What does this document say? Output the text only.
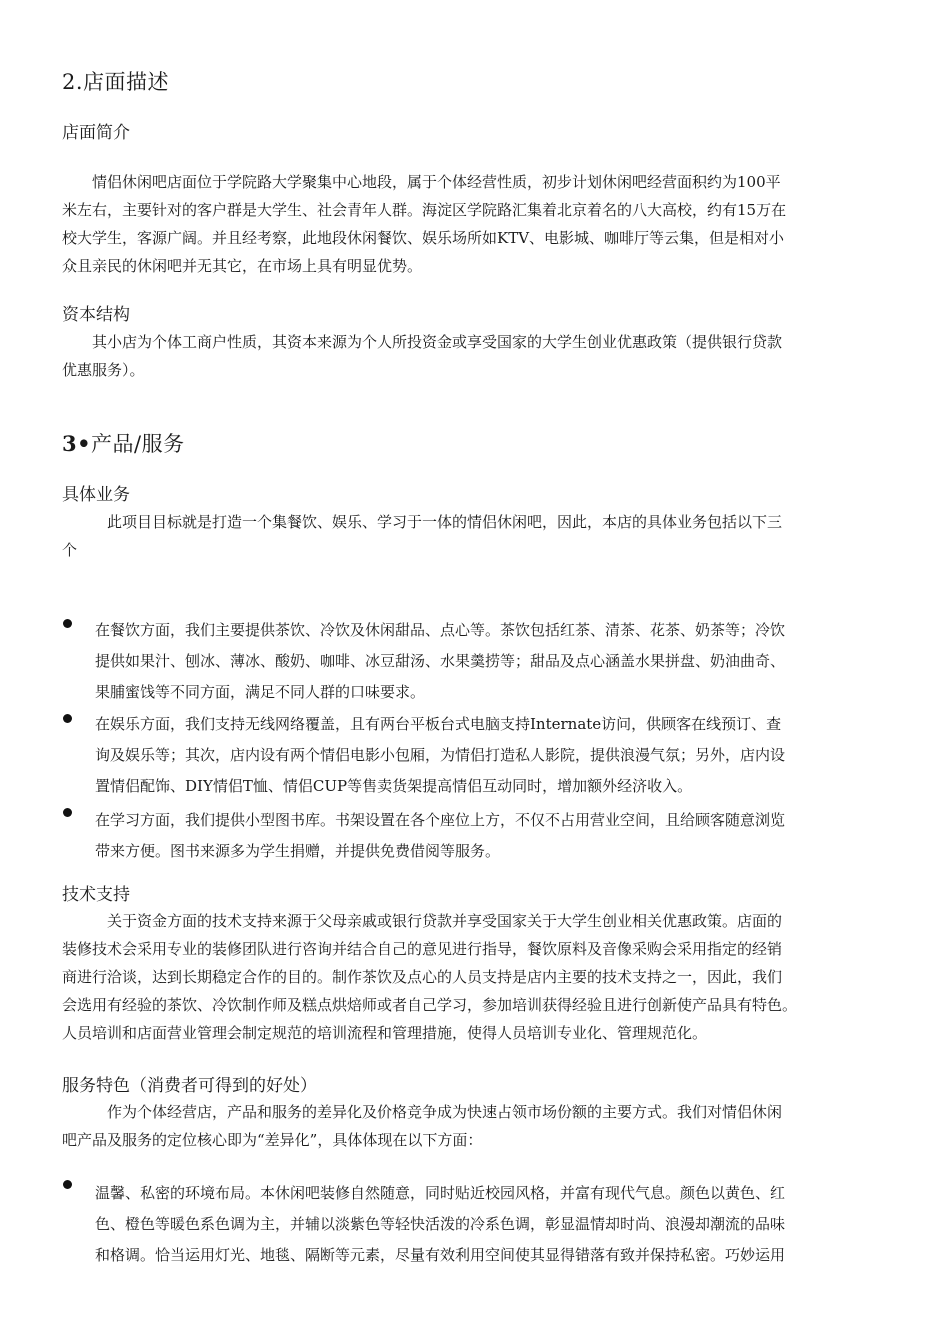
2.店面描述
店面简介

情侣休闲吧店面位于学院路大学聚集中心地段，属于个体经营性质，初步计划休闲吧经营面积约为100平
米左右，主要针对的客户群是大学生、社会青年人群。海淀区学院路汇集着北京着名的八大高校，约有15万在
校大学生，客源广阔。并且经考察，此地段休闲餐饮、娱乐场所如KTV、电影城、咖啡厅等云集，但是相对小
众且亲民的休闲吧并无其它，在市场上具有明显优势。

资本结构

其小店为个体工商户性质，其资本来源为个人所投资金或享受国家的大学生创业优惠政策（提供银行贷款
优惠服务）。

3•产品/服务
具体业务

此项目目标就是打造一个集餐饮、娱乐、学习于一体的情侣休闲吧，因此，本店的具体业务包括以下三
个

在餐饮方面，我们主要提供茶饮、冷饮及休闲甜品、点心等。茶饮包括红茶、清茶、花茶、奶茶等；冷饮
提供如果汁、刨冰、薄冰、酸奶、咖啡、冰豆甜汤、水果羹捞等；甜品及点心涵盖水果拼盘、奶油曲奇、
果脯蜜饯等不同方面，满足不同人群的口味要求。

在娱乐方面，我们支持无线网络覆盖，且有两台平板台式电脑支持Internate访问，供顾客在线预订、查
询及娱乐等；其次，店内设有两个情侣电影小包厢，为情侣打造私人影院，提供浪漫气氛；另外，店内设
置情侣配饰、DIY情侣T恤、情侣CUP等售卖货架提高情侣互动同时，增加额外经济收入。

在学习方面，我们提供小型图书库。书架设置在各个座位上方，不仅不占用营业空间，且给顾客随意浏览
带来方便。图书来源多为学生捐赠，并提供免费借阅等服务。

技术支持

关于资金方面的技术支持来源于父母亲戚或银行贷款并享受国家关于大学生创业相关优惠政策。店面的
装修技术会采用专业的装修团队进行咨询并结合自己的意见进行指导，餐饮原料及音像采购会采用指定的经销
商进行洽谈，达到长期稳定合作的目的。制作茶饮及点心的人员支持是店内主要的技术支持之一，因此，我们
会选用有经验的茶饮、冷饮制作师及糕点烘焙师或者自己学习，参加培训获得经验且进行创新使产品具有特色。
人员培训和店面营业管理会制定规范的培训流程和管理措施，使得人员培训专业化、管理规范化。

服务特色（消费者可得到的好处）

作为个体经营店，产品和服务的差异化及价格竞争成为快速占领市场份额的主要方式。我们对情侣休闲
吧产品及服务的定位核心即为“差异化”，具体体现在以下方面：

温馨、私密的环境布局。本休闲吧装修自然随意，同时贴近校园风格，并富有现代气息。颜色以黄色、红
色、橙色等暖色系色调为主，并辅以淡紫色等轻快活泼的冷系色调，彰显温情却时尚、浪漫却潮流的品味
和格调。恰当运用灯光、地毯、隔断等元素，尽量有效利用空间使其显得错落有致并保持私密。巧妙运用
